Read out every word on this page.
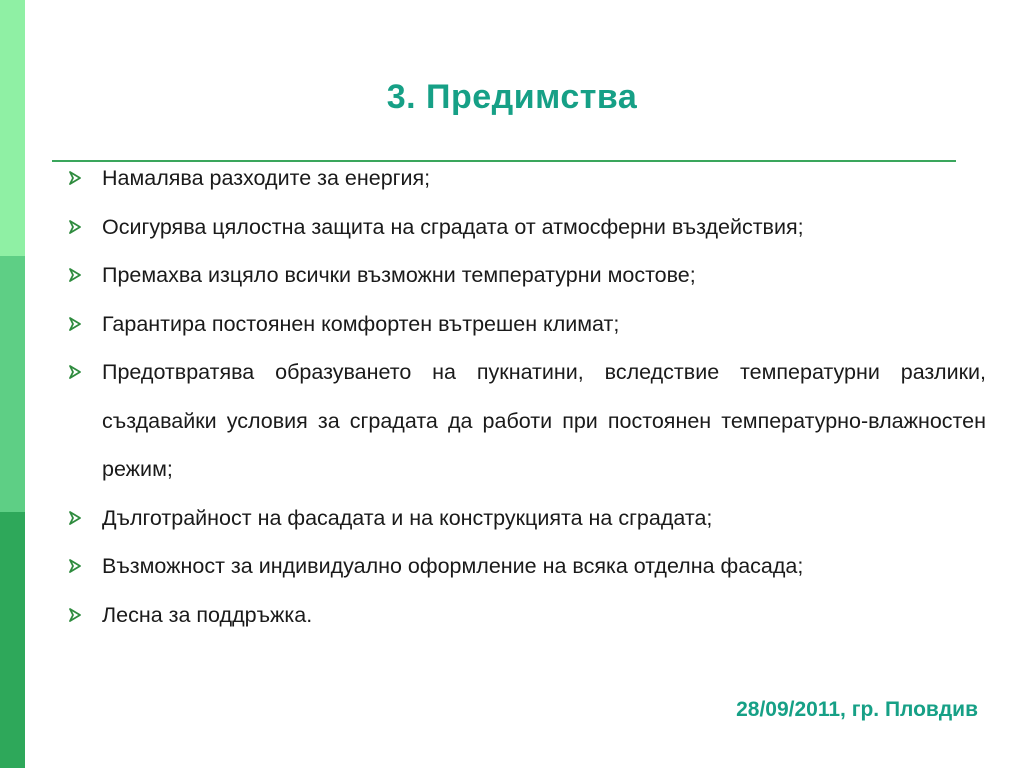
3. Предимства
Намалява разходите за енергия;
Осигурява цялостна защита на сградата от атмосферни въздействия;
Премахва изцяло всички възможни температурни мостове;
Гарантира постоянен комфортен вътрешен климат;
Предотвратява образуването на пукнатини, вследствие температурни разлики, създавайки условия за сградата да работи при постоянен температурно-влажностен режим;
Дълготрайност на фасадата и на конструкцията на сградата;
Възможност за индивидуално оформление на всяка отделна фасада;
Лесна за поддръжка.
28/09/2011, гр. Пловдив
